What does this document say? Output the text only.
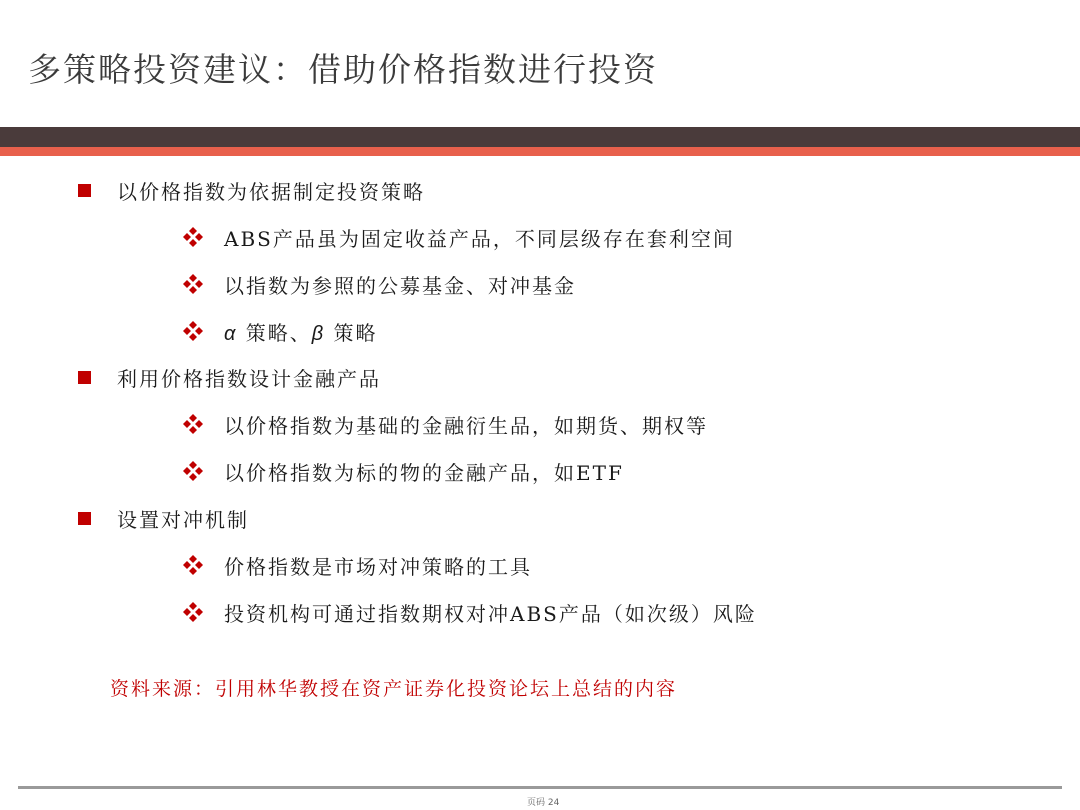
多策略投资建议：借助价格指数进行投资
以价格指数为依据制定投资策略
ABS产品虽为固定收益产品，不同层级存在套利空间
以指数为参照的公募基金、对冲基金
α 策略、β 策略
利用价格指数设计金融产品
以价格指数为基础的金融衍生品，如期货、期权等
以价格指数为标的物的金融产品，如ETF
设置对冲机制
价格指数是市场对冲策略的工具
投资机构可通过指数期权对冲ABS产品（如次级）风险
资料来源：引用林华教授在资产证券化投资论坛上总结的内容
页码 24
